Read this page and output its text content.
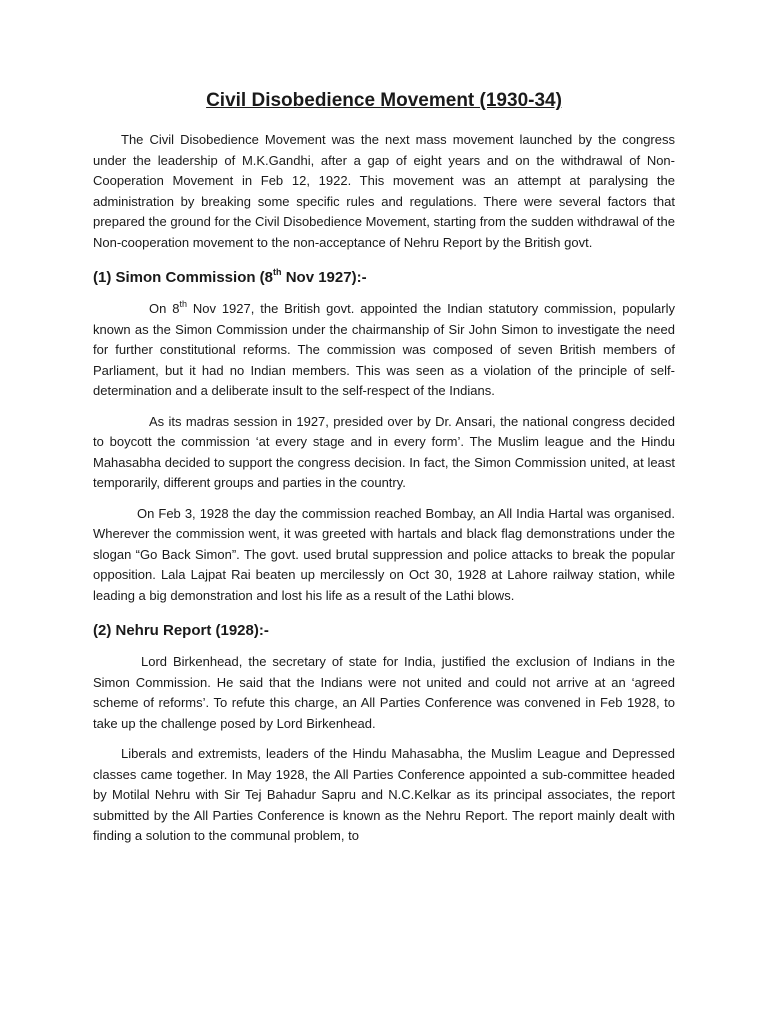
Civil Disobedience Movement (1930-34)

The Civil Disobedience Movement was the next mass movement launched by the congress under the leadership of M.K.Gandhi, after a gap of eight years and on the withdrawal of Non-Cooperation Movement in Feb 12, 1922. This movement was an attempt at paralysing the administration by breaking some specific rules and regulations. There were several factors that prepared the ground for the Civil Disobedience Movement, starting from the sudden withdrawal of the Non-cooperation movement to the non-acceptance of Nehru Report by the British govt.

(1) Simon Commission (8th Nov 1927):-

On 8th Nov 1927, the British govt. appointed the Indian statutory commission, popularly known as the Simon Commission under the chairmanship of Sir John Simon to investigate the need for further constitutional reforms. The commission was composed of seven British members of Parliament, but it had no Indian members. This was seen as a violation of the principle of self-determination and a deliberate insult to the self-respect of the Indians.

As its madras session in 1927, presided over by Dr. Ansari, the national congress decided to boycott the commission ‘at every stage and in every form’. The Muslim league and the Hindu Mahasabha decided to support the congress decision. In fact, the Simon Commission united, at least temporarily, different groups and parties in the country.

On Feb 3, 1928 the day the commission reached Bombay, an All India Hartal was organised. Wherever the commission went, it was greeted with hartals and black flag demonstrations under the slogan “Go Back Simon”. The govt. used brutal suppression and police attacks to break the popular opposition. Lala Lajpat Rai beaten up mercilessly on Oct 30, 1928 at Lahore railway station, while leading a big demonstration and lost his life as a result of the Lathi blows.

(2) Nehru Report (1928):-

Lord Birkenhead, the secretary of state for India, justified the exclusion of Indians in the Simon Commission. He said that the Indians were not united and could not arrive at an ‘agreed scheme of reforms’. To refute this charge, an All Parties Conference was convened in Feb 1928, to take up the challenge posed by Lord Birkenhead.

Liberals and extremists, leaders of the Hindu Mahasabha, the Muslim League and Depressed classes came together. In May 1928, the All Parties Conference appointed a sub-committee headed by Motilal Nehru with Sir Tej Bahadur Sapru and N.C.Kelkar as its principal associates, the report submitted by the All Parties Conference is known as the Nehru Report. The report mainly dealt with finding a solution to the communal problem, to
